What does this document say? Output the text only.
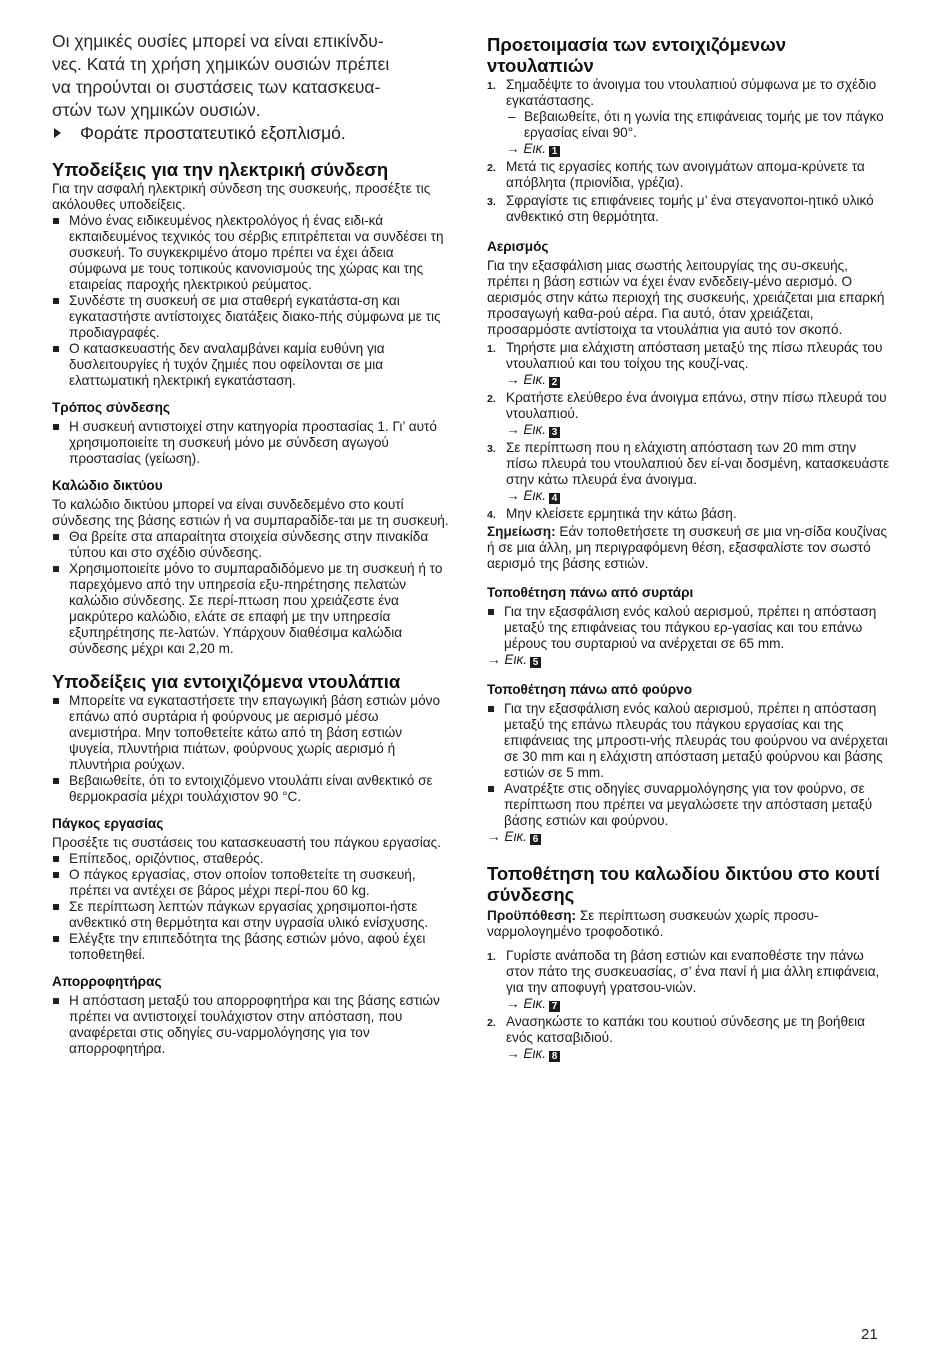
Οι χημικές ουσίες μπορεί να είναι επικίνδυ-

νες. Κατά τη χρήση χημικών ουσιών πρέπει

να τηρούνται οι συστάσεις των κατασκευα-

στών των χημικών ουσιών.

Φοράτε προστατευτικό εξοπλισμό.

Υποδείξεις για την ηλεκτρική σύνδεση

Για την ασφαλή ηλεκτρική σύνδεση της συσκευής, προσέξτε τις ακόλουθες υποδείξεις.

Μόνο ένας ειδικευμένος ηλεκτρολόγος ή ένας ειδι-κά εκπαιδευμένος τεχνικός του σέρβις επιτρέπεται να συνδέσει τη συσκευή. Το συγκεκριμένο άτομο πρέπει να έχει άδεια σύμφωνα με τους τοπικούς κανονισμούς της χώρας και της εταιρείας παροχής ηλεκτρικού ρεύματος.
Συνδέστε τη συσκευή σε μια σταθερή εγκατάστα-ση και εγκαταστήστε αντίστοιχες διατάξεις διακο-πής σύμφωνα με τις προδιαγραφές.
Ο κατασκευαστής δεν αναλαμβάνει καμία ευθύνη για δυσλειτουργίες ή τυχόν ζημιές που οφείλονται σε μια ελαττωματική ηλεκτρική εγκατάσταση.
Τρόπος σύνδεσης
Η συσκευή αντιστοιχεί στην κατηγορία προστασίας 1. Γι’ αυτό χρησιμοποιείτε τη συσκευή μόνο με σύνδεση αγωγού προστασίας (γείωση).
Καλώδιο δικτύου

Το καλώδιο δικτύου μπορεί να είναι συνδεδεμένο στο κουτί σύνδεσης της βάσης εστιών ή να συμπαραδίδε-ται με τη συσκευή.

Θα βρείτε στα απαραίτητα στοιχεία σύνδεσης στην πινακίδα τύπου και στο σχέδιο σύνδεσης.
Χρησιμοποιείτε μόνο το συμπαραδιδόμενο με τη συσκευή ή το παρεχόμενο από την υπηρεσία εξυ-πηρέτησης πελατών καλώδιο σύνδεσης. Σε περί-πτωση που χρειάζεστε ένα μακρύτερο καλώδιο, ελάτε σε επαφή με την υπηρεσία εξυπηρέτησης πε-λατών. Υπάρχουν διαθέσιμα καλώδια σύνδεσης μέχρι και 2,20 m.
Υποδείξεις για εντοιχιζόμενα ντουλάπια
Μπορείτε να εγκαταστήσετε την επαγωγική βάση εστιών μόνο επάνω από συρτάρια ή φούρνους με αερισμό μέσω ανεμιστήρα. Μην τοποθετείτε κάτω από τη βάση εστιών ψυγεία, πλυντήρια πιάτων, φούρνους χωρίς αερισμό ή πλυντήρια ρούχων.
Βεβαιωθείτε, ότι το εντοιχιζόμενο ντουλάπι είναι ανθεκτικό σε θερμοκρασία μέχρι τουλάχιστον 90 °C.
Πάγκος εργασίας

Προσέξτε τις συστάσεις του κατασκευαστή του πάγκου εργασίας.

Επίπεδος, οριζόντιος, σταθερός.
Ο πάγκος εργασίας, στον οποίον τοποθετείτε τη συσκευή, πρέπει να αντέχει σε βάρος μέχρι περί-που 60 kg.
Σε περίπτωση λεπτών πάγκων εργασίας χρησιμοποι-ήστε ανθεκτικό στη θερμότητα και στην υγρασία υλικό ενίσχυσης.
Ελέγξτε την επιπεδότητα της βάσης εστιών μόνο, αφού έχει τοποθετηθεί.
Απορροφητήρας
Η απόσταση μεταξύ του απορροφητήρα και της βάσης εστιών πρέπει να αντιστοιχεί τουλάχιστον στην απόσταση, που αναφέρεται στις οδηγίες συ-ναρμολόγησης για τον απορροφητήρα.
Προετοιμασία των εντοιχιζόμενων ντουλαπιών
1. Σημαδέψτε το άνοιγμα του ντουλαπιού σύμφωνα με το σχέδιο εγκατάστασης.
– Βεβαιωθείτε, ότι η γωνία της επιφάνειας τομής με τον πάγκο εργασίας είναι 90°.
→ Εικ. 1
2. Μετά τις εργασίες κοπής των ανοιγμάτων απομα-κρύνετε τα απόβλητα (πριονίδια, γρέζια).
3. Σφραγίστε τις επιφάνειες τομής μ’ ένα στεγανοποι-ητικό υλικό ανθεκτικό στη θερμότητα.
Αερισμός

Για την εξασφάλιση μιας σωστής λειτουργίας της συ-σκευής, πρέπει η βάση εστιών να έχει έναν ενδεδειγ-μένο αερισμό. Ο αερισμός στην κάτω περιοχή της συσκευής, χρειάζεται μια επαρκή προσαγωγή καθα-ρού αέρα. Για αυτό, όταν χρειάζεται, προσαρμόστε αντίστοιχα τα ντουλάπια για αυτό τον σκοπό.

1. Τηρήστε μια ελάχιστη απόσταση μεταξύ της πίσω πλευράς του ντουλαπιού και του τοίχου της κουζί-νας.
→ Εικ. 2
2. Κρατήστε ελεύθερο ένα άνοιγμα επάνω, στην πίσω πλευρά του ντουλαπιού.
→ Εικ. 3
3. Σε περίπτωση που η ελάχιστη απόσταση των 20 mm στην πίσω πλευρά του ντουλαπιού δεν εί-ναι δοσμένη, κατασκευάστε στην κάτω πλευρά ένα άνοιγμα.
→ Εικ. 4
4. Μην κλείσετε ερμητικά την κάτω βάση.

Σημείωση: Εάν τοποθετήσετε τη συσκευή σε μια νη-σίδα κουζίνας ή σε μια άλλη, μη περιγραφόμενη θέση, εξασφαλίστε τον σωστό αερισμό της βάσης εστιών.

Τοποθέτηση πάνω από συρτάρι
Για την εξασφάλιση ενός καλού αερισμού, πρέπει η απόσταση μεταξύ της επιφάνειας του πάγκου ερ-γασίας και του επάνω μέρους του συρταριού να ανέρχεται σε 65 mm.
→ Εικ. 5
Τοποθέτηση πάνω από φούρνο
Για την εξασφάλιση ενός καλού αερισμού, πρέπει η απόσταση μεταξύ της επάνω πλευράς του πάγκου εργασίας και της επιφάνειας της μπροστι-νής πλευράς του φούρνου να ανέρχεται σε 30 mm και η ελάχιστη απόσταση μεταξύ φούρνου και βάσης εστιών σε 5 mm.
Ανατρέξτε στις οδηγίες συναρμολόγησης για τον φούρνο, σε περίπτωση που πρέπει να μεγαλώσετε την απόσταση μεταξύ βάσης εστιών και φούρνου.
→ Εικ. 6
Τοποθέτηση του καλωδίου δικτύου στο κουτί σύνδεσης

Προϋπόθεση: Σε περίπτωση συσκευών χωρίς προσυ-ναρμολογημένο τροφοδοτικό.

1. Γυρίστε ανάποδα τη βάση εστιών και εναποθέστε την πάνω στον πάτο της συσκευασίας, σ’ ένα πανί ή μια άλλη επιφάνεια, για την αποφυγή γρατσου-νιών.
→ Εικ. 7
2. Ανασηκώστε το καπάκι του κουτιού σύνδεσης με τη βοήθεια ενός κατσαβιδιού.
→ Εικ. 8
21
